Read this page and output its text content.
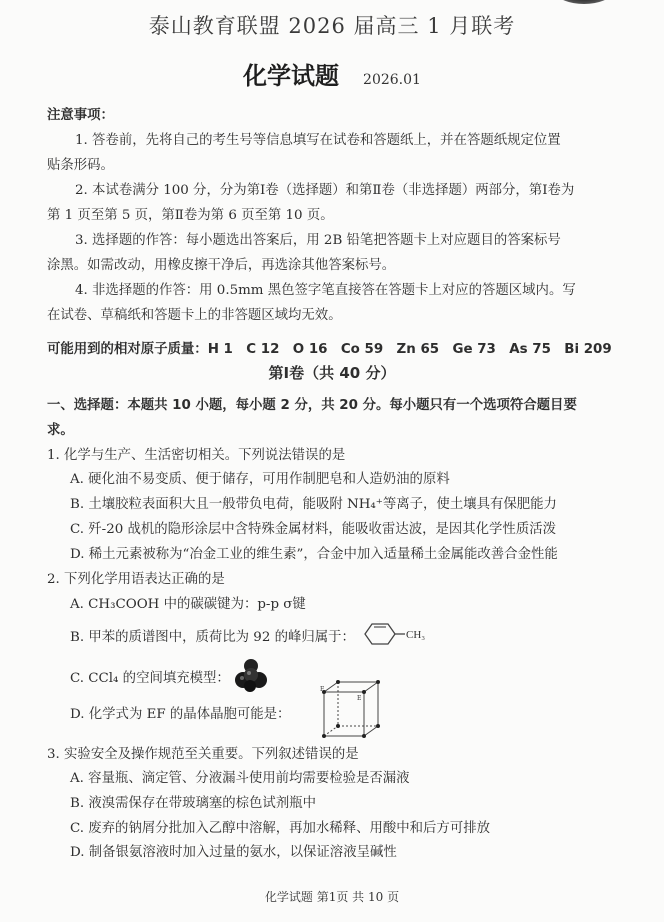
泰山教育联盟 2026 届高三 1 月联考
化学试题 2026.01
注意事项：
1. 答卷前，先将自己的考生号等信息填写在试卷和答题纸上，并在答题纸规定位置
贴条形码。
2. 本试卷满分 100 分，分为第Ⅰ卷（选择题）和第Ⅱ卷（非选择题）两部分，第Ⅰ卷为
第 1 页至第 5 页，第Ⅱ卷为第 6 页至第 10 页。
3. 选择题的作答：每小题选出答案后，用 2B 铅笔把答题卡上对应题目的答案标号
涂黑。如需改动，用橡皮擦干净后，再选涂其他答案标号。
4. 非选择题的作答：用 0.5mm 黑色签字笔直接答在答题卡上对应的答题区域内。写
在试卷、草稿纸和答题卡上的非答题区域均无效。
可能用到的相对原子质量：H 1　C 12　O 16　Co 59　Zn 65　Ge 73　As 75　Bi 209
第Ⅰ卷（共 40 分）
一、选择题：本题共 10 小题，每小题 2 分，共 20 分。每小题只有一个选项符合题目要
求。
1. 化学与生产、生活密切相关。下列说法错误的是
A. 硬化油不易变质、便于储存，可用作制肥皂和人造奶油的原料
B. 土壤胶粒表面积大且一般带负电荷，能吸附 NH₄⁺等离子，使土壤具有保肥能力
C. 歼-20 战机的隐形涂层中含特殊金属材料，能吸收雷达波，是因其化学性质活泼
D. 稀土元素被称为“冶金工业的维生素”，合金中加入适量稀土金属能改善合金性能
2. 下列化学用语表达正确的是
A. CH₃COOH 中的碳碳键为：p-p σ键
B. 甲苯的质谱图中，质荷比为 92 的峰归属于：	CH₃
C. CCl₄ 的空间填充模型：
D. 化学式为 EF 的晶体晶胞可能是：
F
E
3. 实验安全及操作规范至关重要。下列叙述错误的是
A. 容量瓶、滴定管、分液漏斗使用前均需要检验是否漏液
B. 液溴需保存在带玻璃塞的棕色试剂瓶中
C. 废弃的钠屑分批加入乙醇中溶解，再加水稀释、用酸中和后方可排放
D. 制备银氨溶液时加入过量的氨水，以保证溶液呈碱性
化学试题 第1页 共 10 页
